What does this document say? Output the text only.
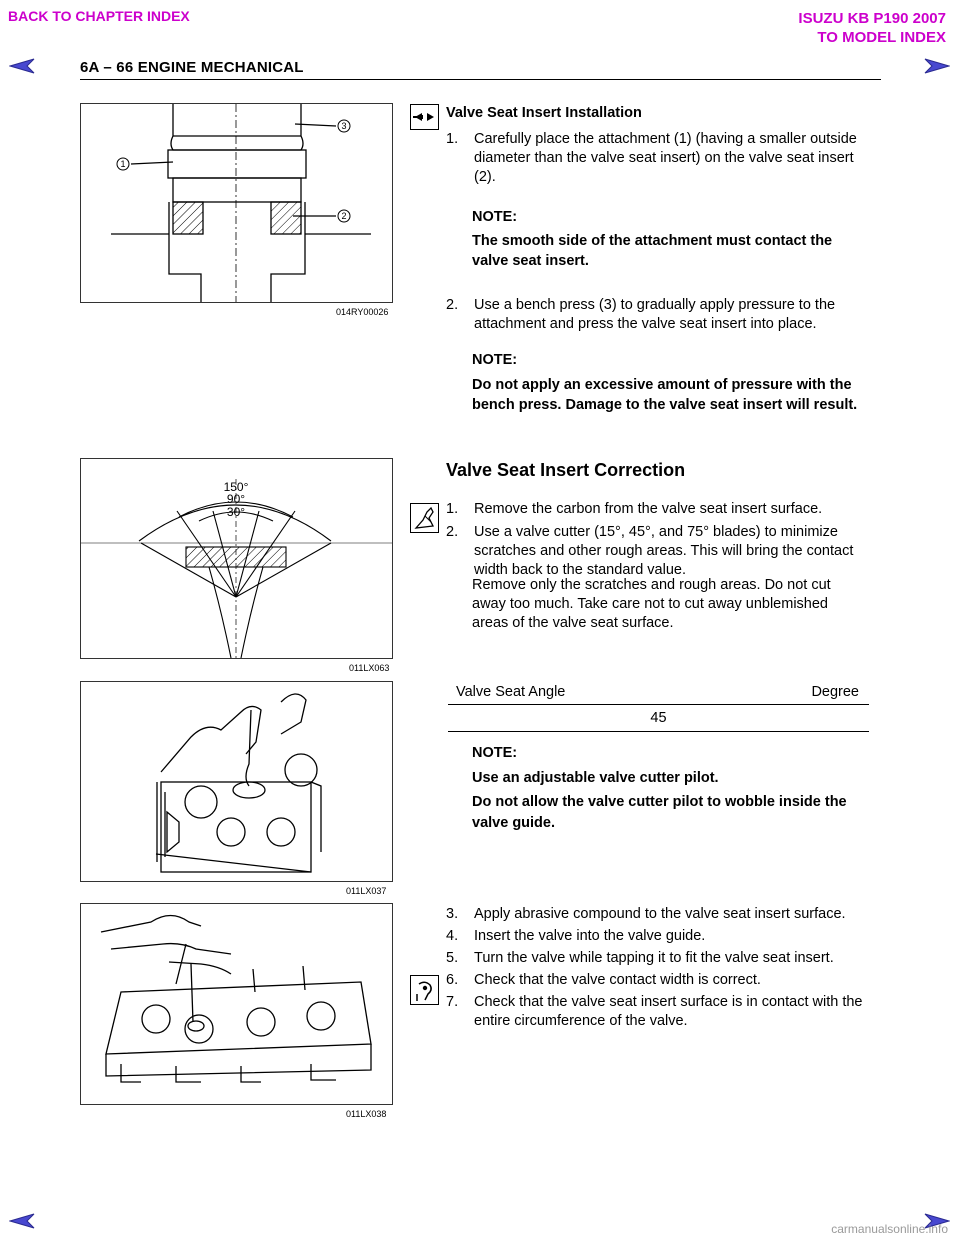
BACK TO CHAPTER INDEX	ISUZU KB P190 2007
TO MODEL INDEX
6A – 66 ENGINE MECHANICAL
3
1
2
014RY00026
150°
90°
30°
011LX063
011LX037
011LX038
Valve Seat Insert Installation
1. Carefully place the attachment (1) (having a smaller outside diameter than the valve seat insert) on the valve seat insert (2).
NOTE:
The smooth side of the attachment must contact the valve seat insert.
2. Use a bench press (3) to gradually apply pressure to the attachment and press the valve seat insert into place.
NOTE:
Do not apply an excessive amount of pressure with the bench press. Damage to the valve seat insert will result.
Valve Seat Insert Correction
1. Remove the carbon from the valve seat insert surface.
2. Use a valve cutter (15°, 45°, and 75° blades) to minimize scratches and other rough areas. This will bring the contact width back to the standard value.
Remove only the scratches and rough areas. Do not cut away too much. Take care not to cut away unblemished areas of the valve seat surface.
Valve Seat Angle	Degree
45
NOTE:
Use an adjustable valve cutter pilot.
Do not allow the valve cutter pilot to wobble inside the valve guide.
3. Apply abrasive compound to the valve seat insert surface.
4. Insert the valve into the valve guide.
5. Turn the valve while tapping it to fit the valve seat insert.
6. Check that the valve contact width is correct.
7. Check that the valve seat insert surface is in contact with the entire circumference of the valve.
carmanualsonline.info
